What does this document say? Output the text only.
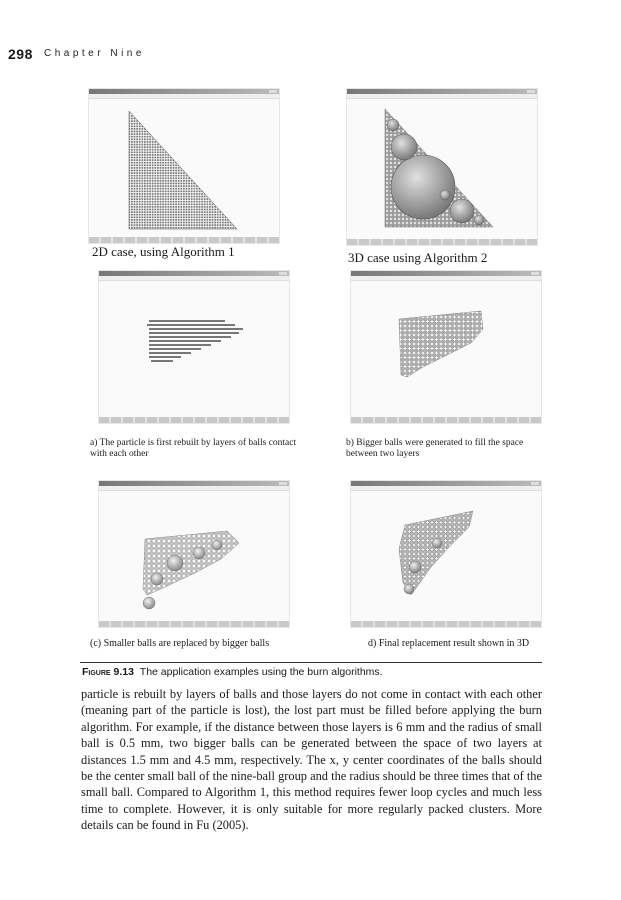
298 Chapter Nine
2D case, using Algorithm 1	3D case using Algorithm 2
a) The particle is first rebuilt by layers of balls contact with each other
b) Bigger balls were generated to fill the space between two layers
(c) Smaller balls are replaced by bigger balls	d) Final replacement result shown in 3D
Figure 9.13 The application examples using the burn algorithms.
particle is rebuilt by layers of balls and those layers do not come in contact with each other (meaning part of the particle is lost), the lost part must be filled before applying the burn algorithm. For example, if the distance between those layers is 6 mm and the radius of small ball is 0.5 mm, two bigger balls can be generated between the space of two layers at distances 1.5 mm and 4.5 mm, respectively. The x, y center coordinates of the balls should be the center small ball of the nine-ball group and the radius should be three times that of the small ball. Compared to Algorithm 1, this method requires fewer loop cycles and much less time to complete. However, it is only suitable for more regularly packed clusters. More details can be found in Fu (2005).
